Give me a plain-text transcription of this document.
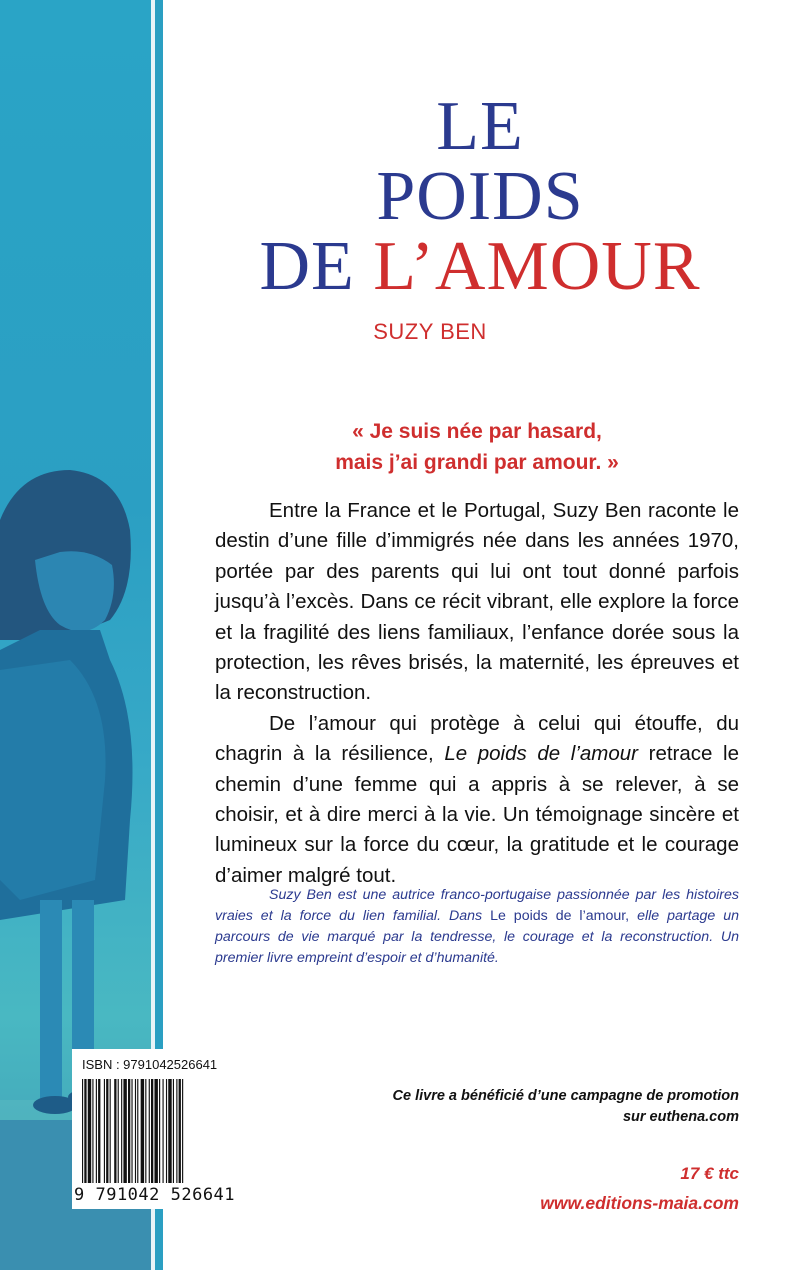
LE
POIDS
DE L’AMOUR
SUZY BEN
« Je suis née par hasard,
mais j’ai grandi par amour. »

Entre la France et le Portugal, Suzy Ben raconte le destin d’une fille d’immigrés née dans les années 1970, portée par des parents qui lui ont tout donné parfois jusqu’à l’excès. Dans ce récit vibrant, elle explore la force et la fragilité des liens familiaux, l’enfance dorée sous la protection, les rêves brisés, la maternité, les épreuves et la reconstruction.

De l’amour qui protège à celui qui étouffe, du chagrin à la résilience, Le poids de l’amour retrace le chemin d’une femme qui a appris à se relever, à se choisir, et à dire merci à la vie. Un témoignage sincère et lumineux sur la force du cœur, la gratitude et le courage d’aimer malgré tout.

Suzy Ben est une autrice franco-portugaise passionnée par les histoires vraies et la force du lien familial. Dans Le poids de l’amour, elle partage un parcours de vie marqué par la tendresse, le courage et la reconstruction. Un premier livre empreint d’espoir et d’humanité.
ISBN : 9791042526641
9 791042 526641
Ce livre a bénéficié d’une campagne de promotion
sur euthena.com
17 € ttc
www.editions-maia.com
